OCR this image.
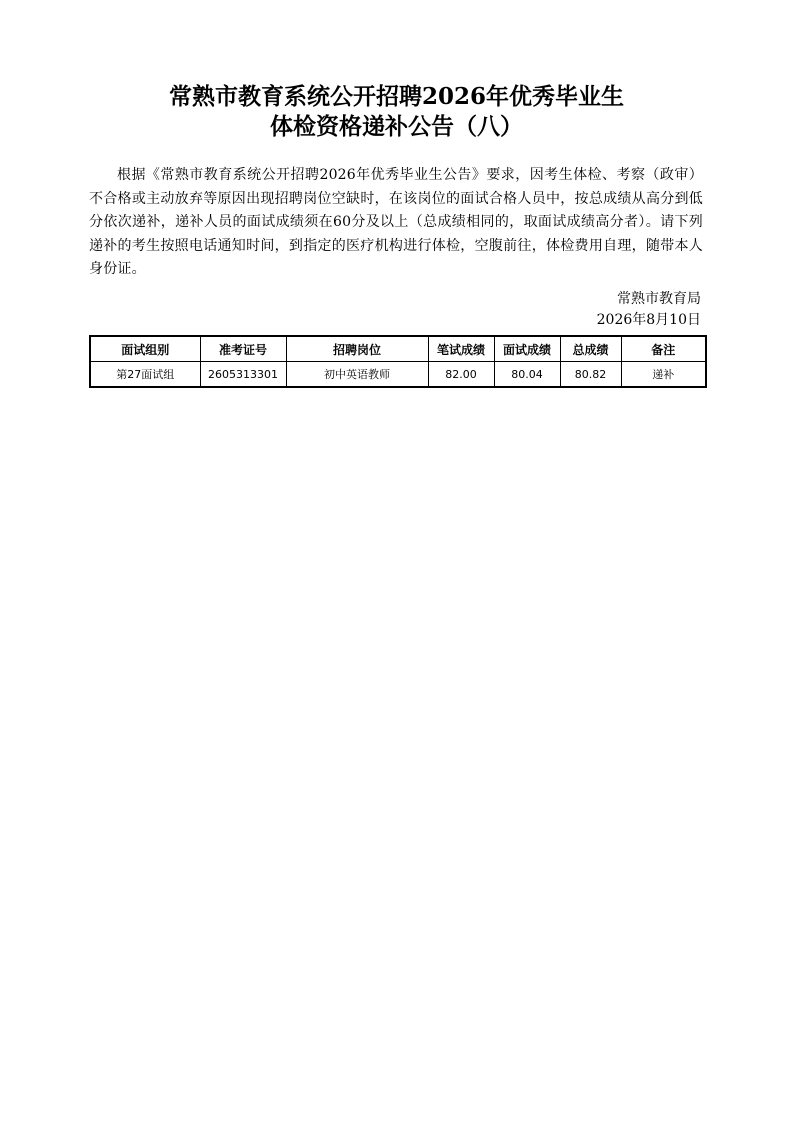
常熟市教育系统公开招聘2026年优秀毕业生
体检资格递补公告（八）

根据《常熟市教育系统公开招聘2026年优秀毕业生公告》要求，因考生体检、考察（政审）不合格或主动放弃等原因出现招聘岗位空缺时，在该岗位的面试合格人员中，按总成绩从高分到低分依次递补，递补人员的面试成绩须在60分及以上（总成绩相同的，取面试成绩高分者）。请下列递补的考生按照电话通知时间，到指定的医疗机构进行体检，空腹前往，体检费用自理，随带本人身份证。

常熟市教育局
2026年8月10日
面试组别	准考证号	招聘岗位	笔试成绩	面试成绩	总成绩	备注
第27面试组	2605313301	初中英语教师	82.00	80.04	80.82	递补
